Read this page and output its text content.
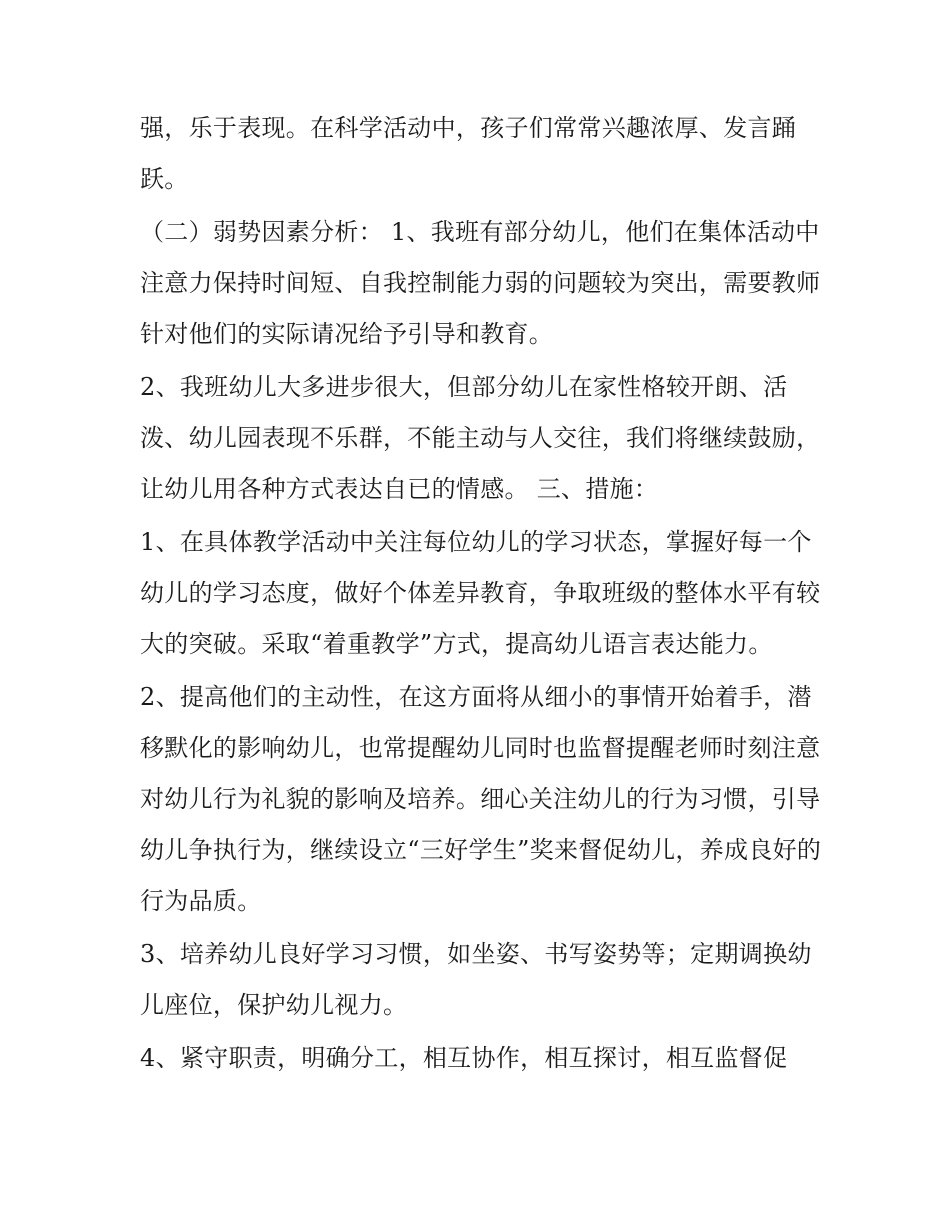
强，乐于表现。在科学活动中，孩子们常常兴趣浓厚、发言踊跃。

（二）弱势因素分析： 1、我班有部分幼儿，他们在集体活动中注意力保持时间短、自我控制能力弱的问题较为突出，需要教师针对他们的实际请况给予引导和教育。

2、我班幼儿大多进步很大，但部分幼儿在家性格较开朗、活泼、幼儿园表现不乐群，不能主动与人交往，我们将继续鼓励，让幼儿用各种方式表达自已的情感。 三、措施：

1、在具体教学活动中关注每位幼儿的学习状态，掌握好每一个幼儿的学习态度，做好个体差异教育，争取班级的整体水平有较大的突破。采取“着重教学”方式，提高幼儿语言表达能力。

2、提高他们的主动性，在这方面将从细小的事情开始着手，潜移默化的影响幼儿，也常提醒幼儿同时也监督提醒老师时刻注意对幼儿行为礼貌的影响及培养。细心关注幼儿的行为习惯，引导幼儿争执行为，继续设立“三好学生”奖来督促幼儿，养成良好的行为品质。

3、培养幼儿良好学习习惯，如坐姿、书写姿势等；定期调换幼儿座位，保护幼儿视力。

4、紧守职责，明确分工，相互协作，相互探讨，相互监督促
